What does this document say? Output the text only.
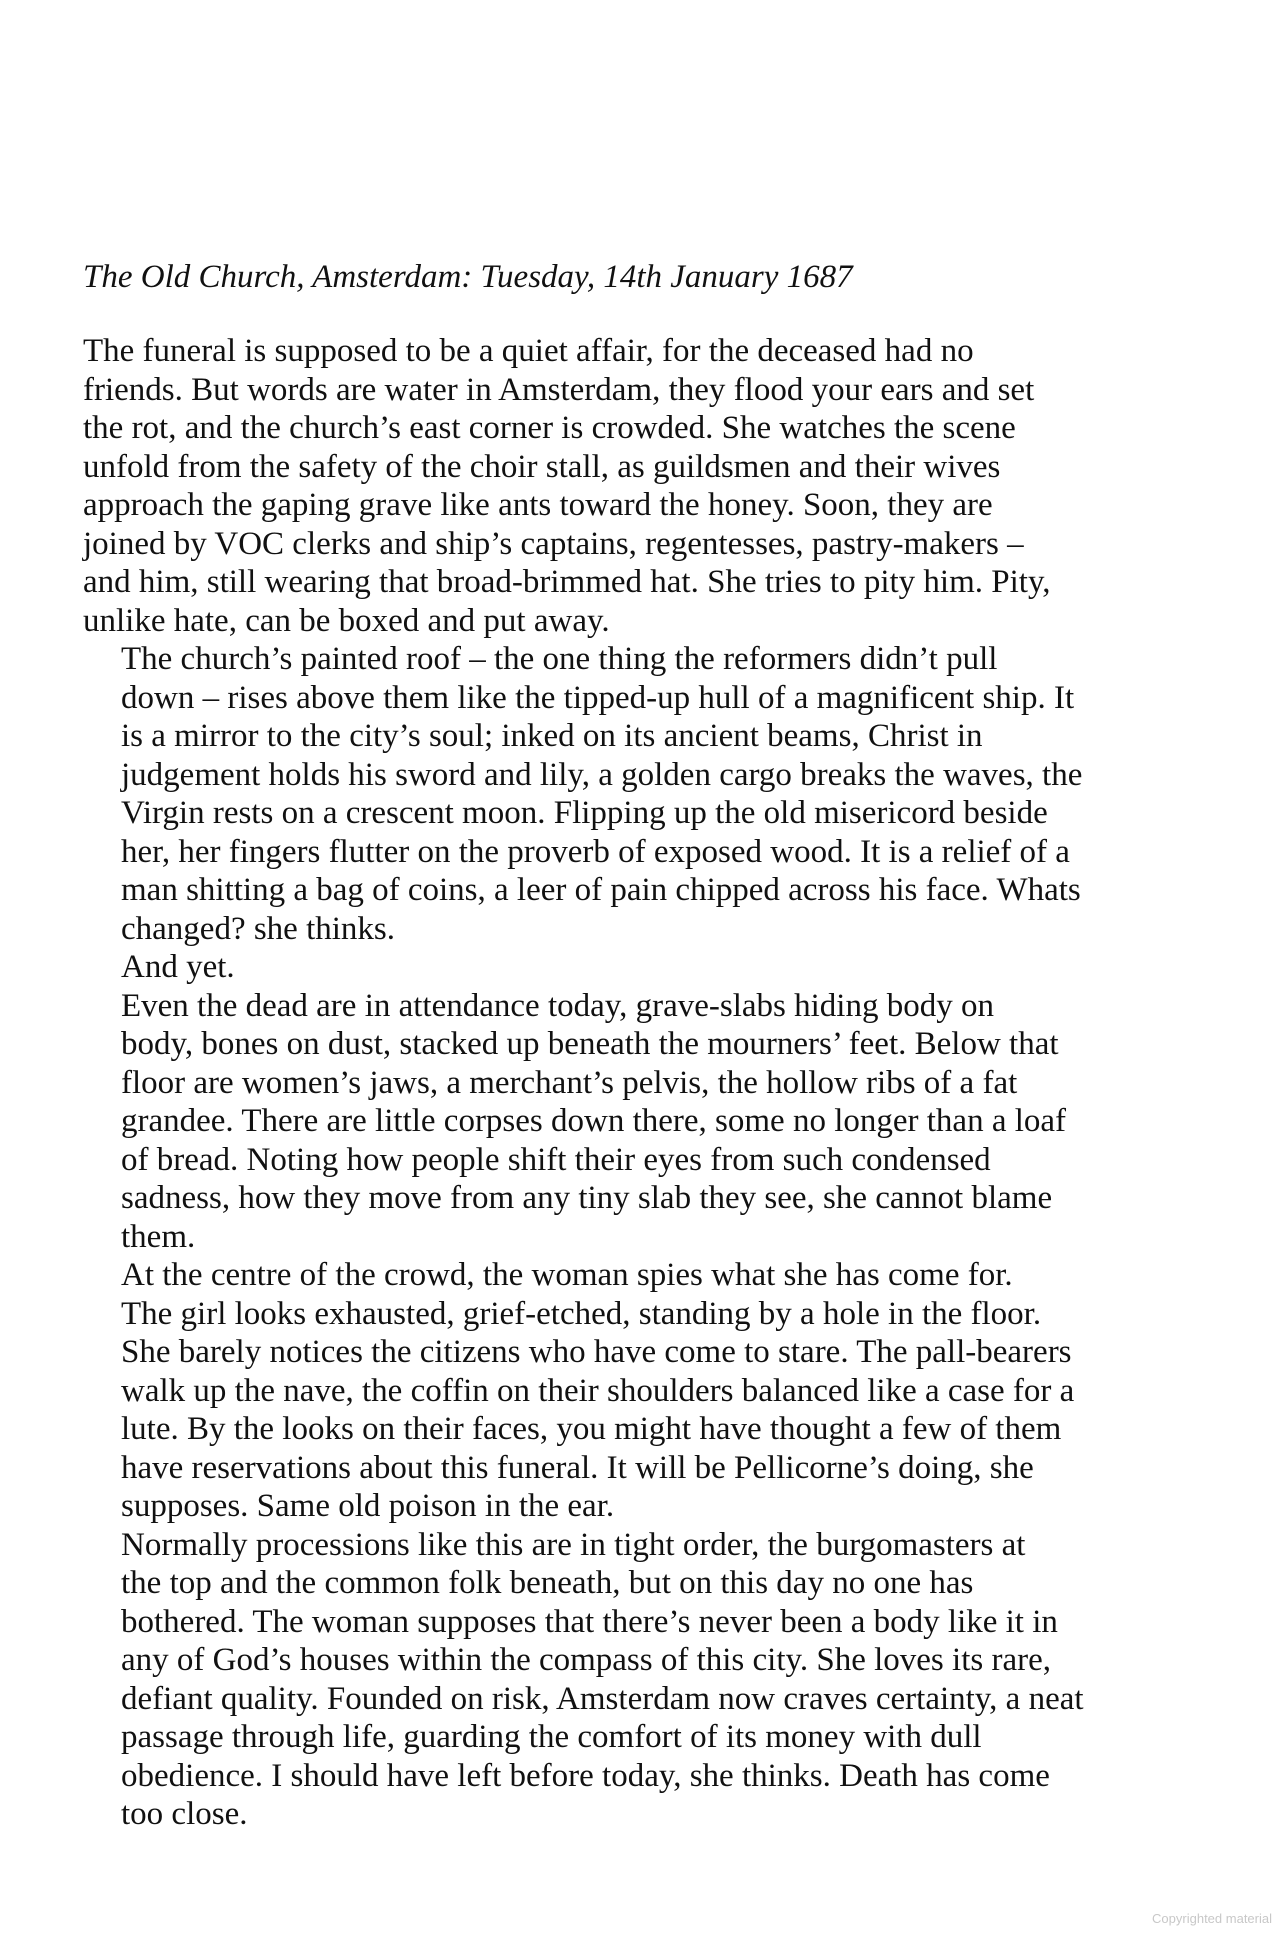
The Old Church, Amsterdam: Tuesday, 14th January 1687

The funeral is supposed to be a quiet affair, for the deceased had no
friends. But words are water in Amsterdam, they flood your ears and set
the rot, and the church’s east corner is crowded. She watches the scene
unfold from the safety of the choir stall, as guildsmen and their wives
approach the gaping grave like ants toward the honey. Soon, they are
joined by VOC clerks and ship’s captains, regentesses, pastry-makers –
and him, still wearing that broad-brimmed hat. She tries to pity him. Pity,
unlike hate, can be boxed and put away.

The church’s painted roof – the one thing the reformers didn’t pull
down – rises above them like the tipped-up hull of a magnificent ship. It
is a mirror to the city’s soul; inked on its ancient beams, Christ in
judgement holds his sword and lily, a golden cargo breaks the waves, the
Virgin rests on a crescent moon. Flipping up the old misericord beside
her, her fingers flutter on the proverb of exposed wood. It is a relief of a
man shitting a bag of coins, a leer of pain chipped across his face. Whats
changed? she thinks.

And yet.

Even the dead are in attendance today, grave-slabs hiding body on
body, bones on dust, stacked up beneath the mourners’ feet. Below that
floor are women’s jaws, a merchant’s pelvis, the hollow ribs of a fat
grandee. There are little corpses down there, some no longer than a loaf
of bread. Noting how people shift their eyes from such condensed
sadness, how they move from any tiny slab they see, she cannot blame
them.

At the centre of the crowd, the woman spies what she has come for.
The girl looks exhausted, grief-etched, standing by a hole in the floor.
She barely notices the citizens who have come to stare. The pall-bearers
walk up the nave, the coffin on their shoulders balanced like a case for a
lute. By the looks on their faces, you might have thought a few of them
have reservations about this funeral. It will be Pellicorne’s doing, she
supposes. Same old poison in the ear.

Normally processions like this are in tight order, the burgomasters at
the top and the common folk beneath, but on this day no one has
bothered. The woman supposes that there’s never been a body like it in
any of God’s houses within the compass of this city. She loves its rare,
defiant quality. Founded on risk, Amsterdam now craves certainty, a neat
passage through life, guarding the comfort of its money with dull
obedience. I should have left before today, she thinks. Death has come
too close.

Copyrighted material
